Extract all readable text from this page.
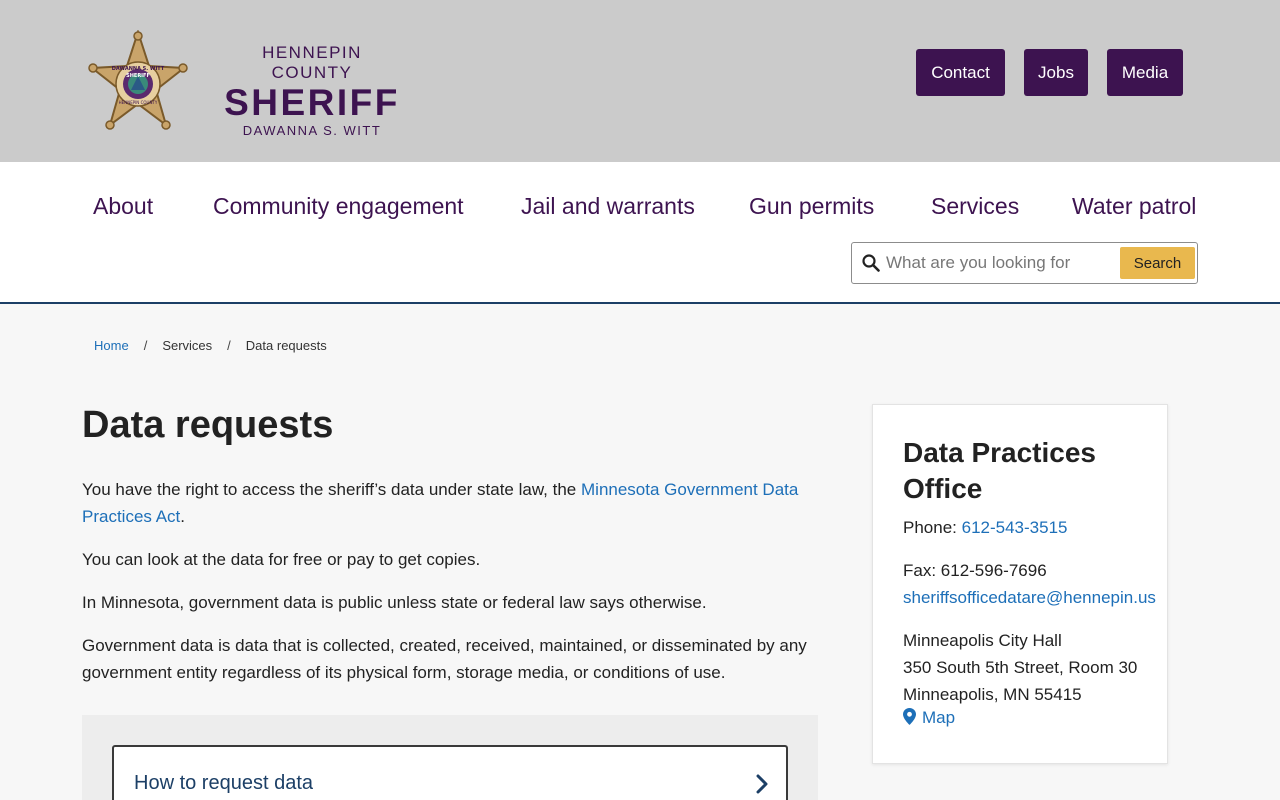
DAWANNA S. WITT
SHERIFF
HENNEPIN COUNTY
HENNEPIN COUNTY
SHERIFF
DAWANNA S. WITT
Contact	Jobs	Media
About	Community engagement Jail and warrants Gun permits Services Water patrol
What are you looking for
Search
Home / Services / Data requests
Data requests

You have the right to access the sheriff’s data under state law, the Minnesota Government Data Practices Act.

You can look at the data for free or pay to get copies.

In Minnesota, government data is public unless state or federal law says otherwise.

Government data is data that is collected, created, received, maintained, or disseminated by any government entity regardless of its physical form, storage media, or conditions of use.

How to request data
Data Practices Office
Phone: 612-543-3515
Fax: 612-596-7696
sheriffsofficedatare@hennepin.us
Minneapolis City Hall
350 South 5th Street, Room 30
Minneapolis, MN 55415
Map
